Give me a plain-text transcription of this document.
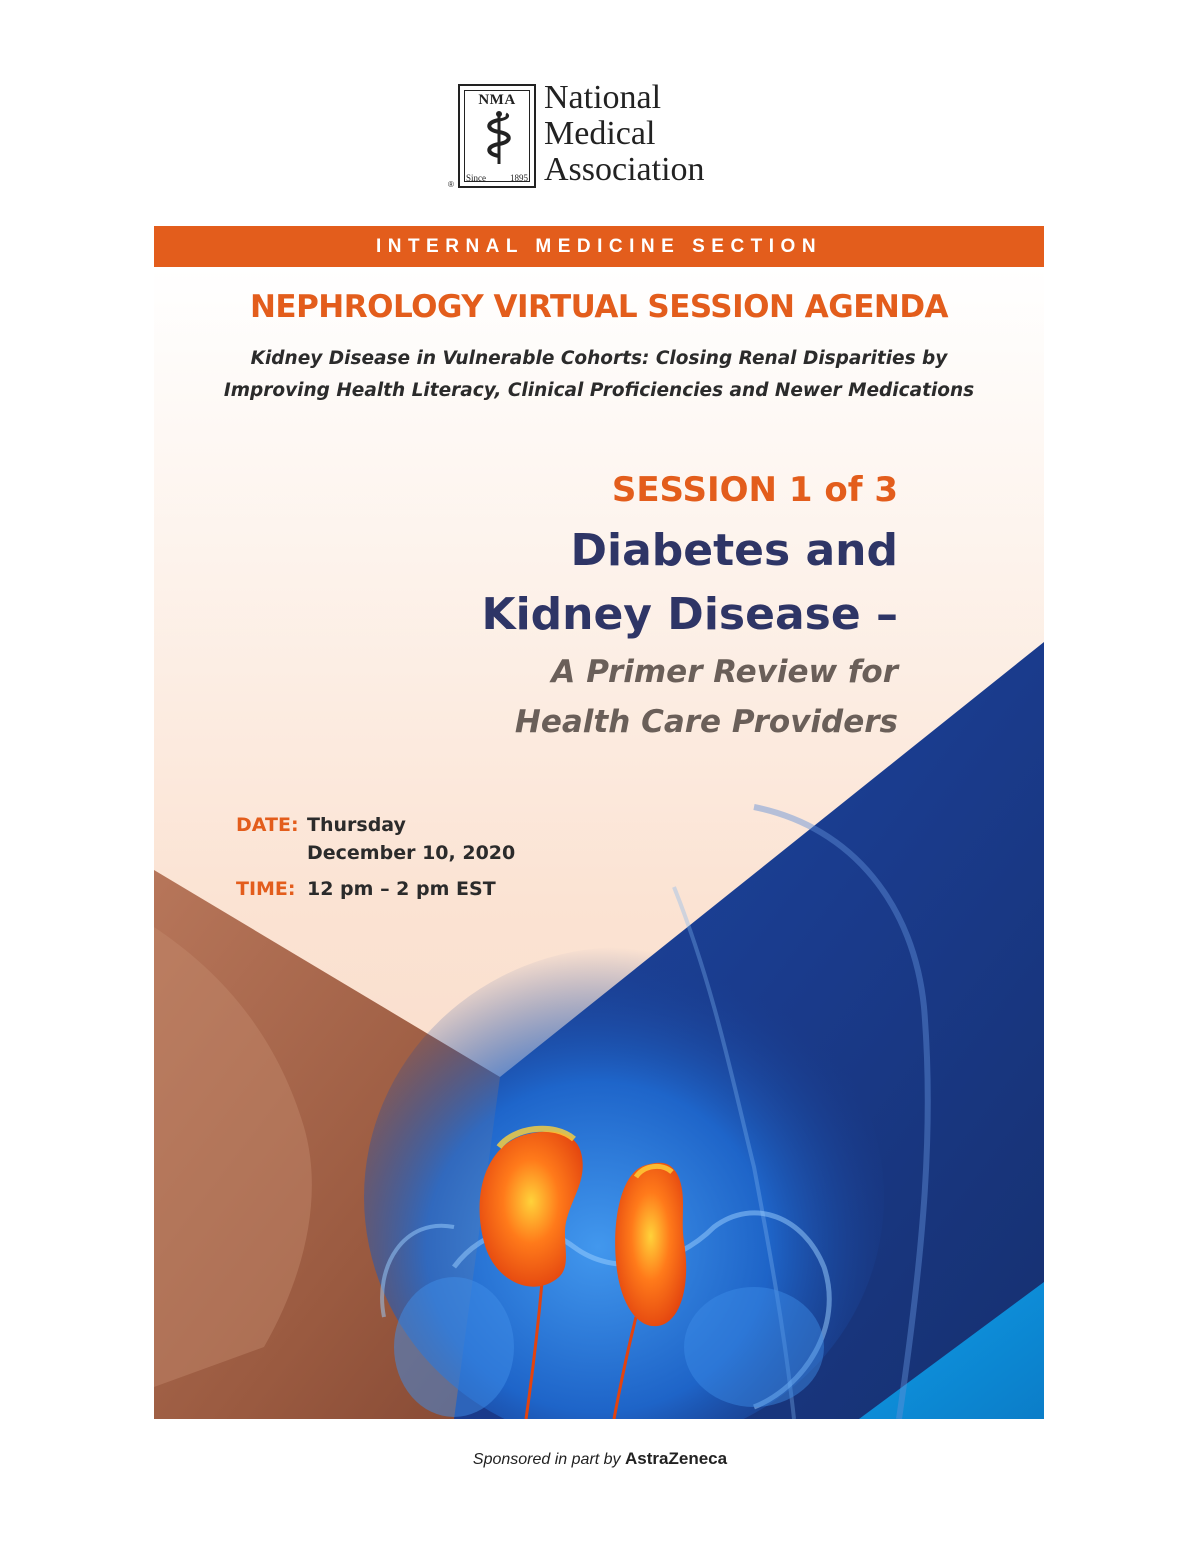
NMA
Since	1895
®
National
Medical
Association
INTERNAL MEDICINE SECTION
NEPHROLOGY VIRTUAL SESSION AGENDA
Kidney Disease in Vulnerable Cohorts: Closing Renal Disparities by
Improving Health Literacy, Clinical Proficiencies and Newer Medications
SESSION 1 of 3
Diabetes and
Kidney Disease –
A Primer Review for
Health Care Providers
DATE: Thursday
December 10, 2020
TIME: 12 pm – 2 pm EST
Sponsored in part by AstraZeneca
